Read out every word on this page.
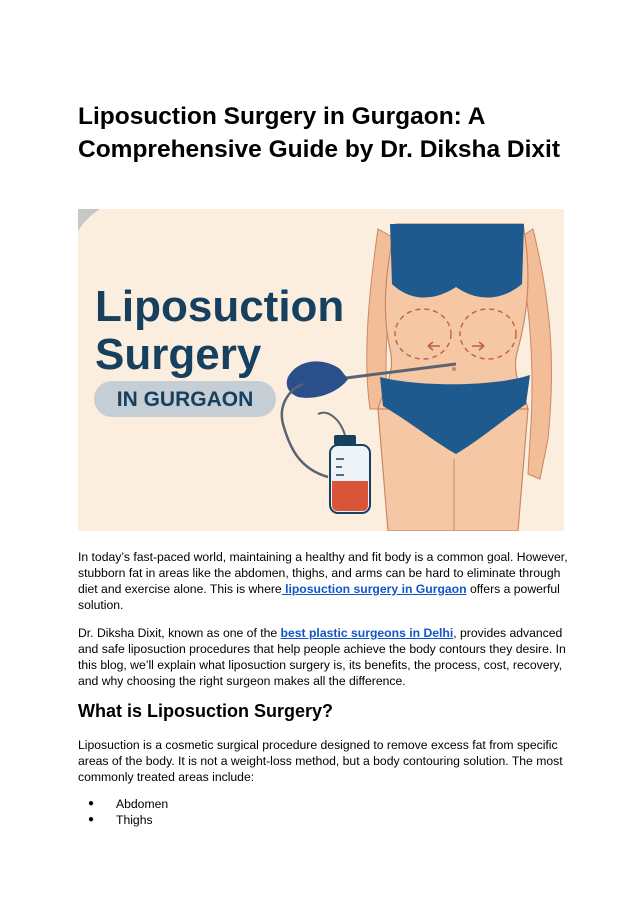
Liposuction Surgery in Gurgaon: A Comprehensive Guide by Dr. Diksha Dixit
Liposuction
Surgery
IN GURGAON

In today’s fast-paced world, maintaining a healthy and fit body is a common goal. However, stubborn fat in areas like the abdomen, thighs, and arms can be hard to eliminate through diet and exercise alone. This is where liposuction surgery in Gurgaon offers a powerful solution.

Dr. Diksha Dixit, known as one of the best plastic surgeons in Delhi, provides advanced and safe liposuction procedures that help people achieve the body contours they desire. In this blog, we’ll explain what liposuction surgery is, its benefits, the process, cost, recovery, and why choosing the right surgeon makes all the difference.

What is Liposuction Surgery?

Liposuction is a cosmetic surgical procedure designed to remove excess fat from specific areas of the body. It is not a weight-loss method, but a body contouring solution. The most commonly treated areas include:

● Abdomen
● Thighs
